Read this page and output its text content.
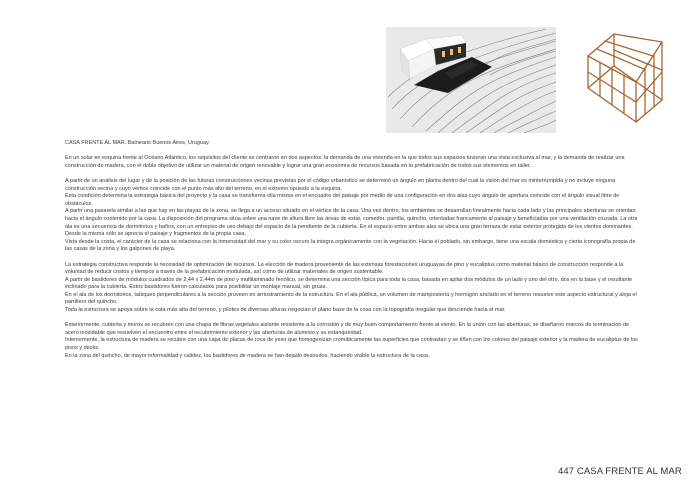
CASA FRENTE AL MAR. Balneario Buenos Aires, Uruguay.

En un solar en esquina frente al Océano Atlántico, los requisitos del cliente se centraron en dos aspectos: la demanda de una vivienda en la que todos sus espacios tuvieran una vista exclusiva al mar, y la demanda de realizar una construcción de madera, con el doble objetivo de utilizar un material de origen renovable y lograr una gran economía de recursos basada en la prefabricación de todos sus elementos en taller.

A partir de un análisis del lugar y de la posición de las futuras construcciones vecinas previstas por el código urbanístico se determinó un ángulo en planta dentro del cual la visión del mar es ininterrumpida y no incluye ninguna construcción vecina y cuyo vértice coincide con el punto más alto del terreno, en el extremo opuesto a la esquina.

Esta condición determina la estrategia básica del proyecto y la casa se transforma ella misma en el encuadre del paisaje por medio de una configuración en dos alas cuyo ángulo de apertura coincide con el ángulo visual libre de obstáculos.

A partir una pasarela similar a las que hay en las playas de la zona, se llega a un acceso situado en el vértice de la casa. Una vez dentro, los ambientes se desarrollan linealmente hacia cada lado y las principales aberturas se orientan hacia el ángulo contenido por la casa. La disposición del programa sitúa sobre una nave de altura libre las áreas de estar, comedor, parrilla, quincho, orientadas francamente al paisaje y beneficiadas por una ventilación cruzada. La otra ala es una secuencia de dormitorios y baños, con un entrepiso de uso debajo del espacio de la pendiente de la cubierta. En el espacio entre ambas alas se ubica una gran terraza de estar exterior protegida de los vientos dominantes. Desde la misma sólo se aprecia el paisaje y fragmentos de la propia casa.

Vista desde la costa, el carácter de la casa se relaciona con la inmensidad del mar y su color oscuro la integra orgánicamente con la vegetación. Hacia el poblado, sin embargo, tiene una escala doméstica y cierta iconografía propia de las casas de la zona y los galpones de playa.

La estrategia constructiva responde la necesidad de optimización de recursos. La elección de madera proveniente de las extensas forestaciones uruguayas de pino y eucaliptus como material básico de construcción responde a la voluntad de reducir costos y tiempos a través de la prefabricación modulada, así como de utilizar materiales de origen sustentable.

A partir de bastidores de módulos cuadrados de 2,44 x 2,44m de pino y multilaminado fenólico, se determina una sección típica para toda la casa, basada en apilar dos módulos de un lado y uno del otro, dos en la base y el resultante inclinado para la cubierta. Estos bastidores fueron calculados para posibilitar un montaje manual, sin grúas.

En el ala de los dormitorios, tabiques perpendiculares a la sección proveen en arriostramiento de la estructura. En el ala pública, un volumen de mampostería y hormigón anclado en el terreno resuelve este aspecto estructural y aloja el parrillero del quincho.

Toda la estructura se apoya sobre la cota más alta del terreno, y pilotes de diversas alturas negocian el plano base de la cosa con la topografía irregular que desciende hacia el mar.

Exteriormente, cubierta y muros se recubren con una chapa de fibras vegetales aislante resistente a la corrosión y de muy buen comportamiento frente al viento. En la unión con las aberturas, se diseñaron marcos de terminación de acero inoxidable que resuelven el encuentro entre el recubrimiento exterior y las aberturas de aluminio y su estanqueidad.

Interiormente, la estructura de madera se recubre con una capa de placas de roca de yeso que homogenizan cromáticamente las superficies que contrastan y se tiñen con los colores del paisaje exterior y la madera de eucaliptus de los pisos y decks.

En la zona del quincho, de mayor informalidad y calidez, los bastidores de madera se han dejado desnudos, haciendo visible la estructura de la casa.

447 CASA FRENTE AL MAR
